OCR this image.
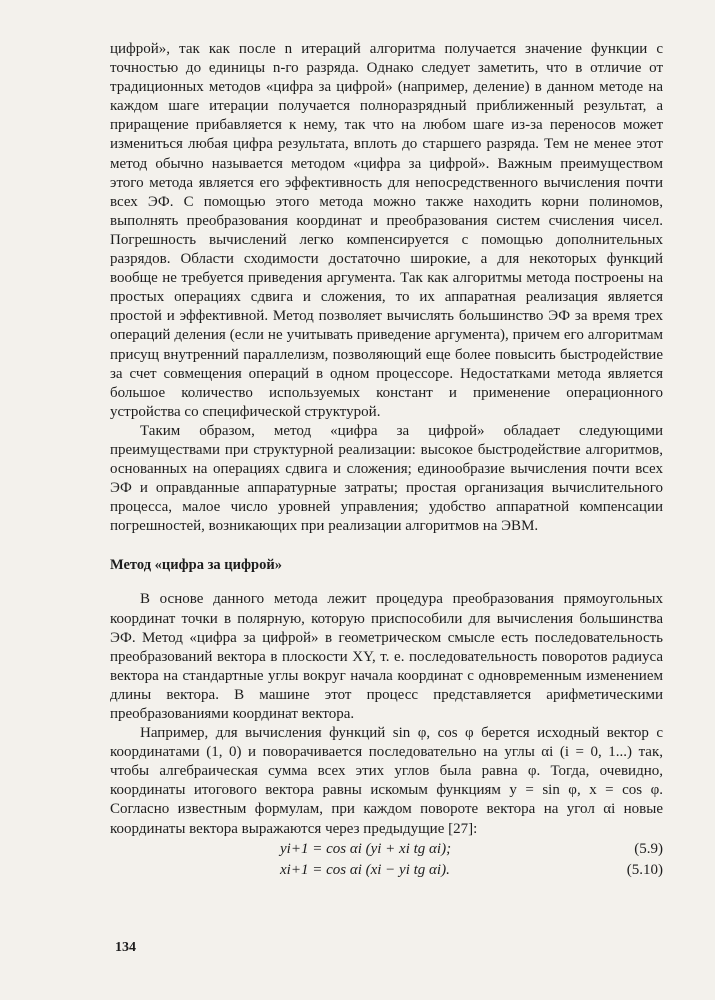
цифрой», так как после n итераций алгоритма получается значение функции с точностью до единицы n-го разряда. Однако следует заметить, что в отличие от традиционных методов «цифра за цифрой» (например, деление) в данном методе на каждом шаге итерации получается полноразрядный приближенный результат, а приращение прибавляется к нему, так что на любом шаге из-за переносов может измениться любая цифра результата, вплоть до старшего разряда. Тем не менее этот метод обычно называется методом «цифра за цифрой». Важным преимуществом этого метода является его эффективность для непосредственного вычисления почти всех ЭФ. С помощью этого метода можно также находить корни полиномов, выполнять преобразования координат и преобразования систем счисления чисел. Погрешность вычислений легко компенсируется с помощью дополнительных разрядов. Области сходимости достаточно широкие, а для некоторых функций вообще не требуется приведения аргумента. Так как алгоритмы метода построены на простых операциях сдвига и сложения, то их аппаратная реализация является простой и эффективной. Метод позволяет вычислять большинство ЭФ за время трех операций деления (если не учитывать приведение аргумента), причем его алгоритмам присущ внутренний параллелизм, позволяющий еще более повысить быстродействие за счет совмещения операций в одном процессоре. Недостатками метода является большое количество используемых констант и применение операционного устройства со специфической структурой.

Таким образом, метод «цифра за цифрой» обладает следующими преимуществами при структурной реализации: высокое быстродействие алгоритмов, основанных на операциях сдвига и сложения; единообразие вычисления почти всех ЭФ и оправданные аппаратурные затраты; простая организация вычислительного процесса, малое число уровней управления; удобство аппаратной компенсации погрешностей, возникающих при реализации алгоритмов на ЭВМ.

Метод «цифра за цифрой»

В основе данного метода лежит процедура преобразования прямоугольных координат точки в полярную, которую приспособили для вычисления большинства ЭФ. Метод «цифра за цифрой» в геометрическом смысле есть последовательность преобразований вектора в плоскости XY, т. е. последовательность поворотов радиуса вектора на стандартные углы вокруг начала координат с одновременным изменением длины вектора. В машине этот процесс представляется арифметическими преобразованиями координат вектора.

Например, для вычисления функций sin φ, cos φ берется исходный вектор с координатами (1, 0) и поворачивается последовательно на углы αi (i = 0, 1...) так, чтобы алгебраическая сумма всех этих углов была равна φ. Тогда, очевидно, координаты итогового вектора равны искомым функциям y = sin φ, x = cos φ. Согласно известным формулам, при каждом повороте вектора на угол αi новые координаты вектора выражаются через предыдущие [27]:

yi+1 = cos αi (yi + xi tg αi);	(5.9)
xi+1 = cos αi (xi − yi tg αi).	(5.10)
134
